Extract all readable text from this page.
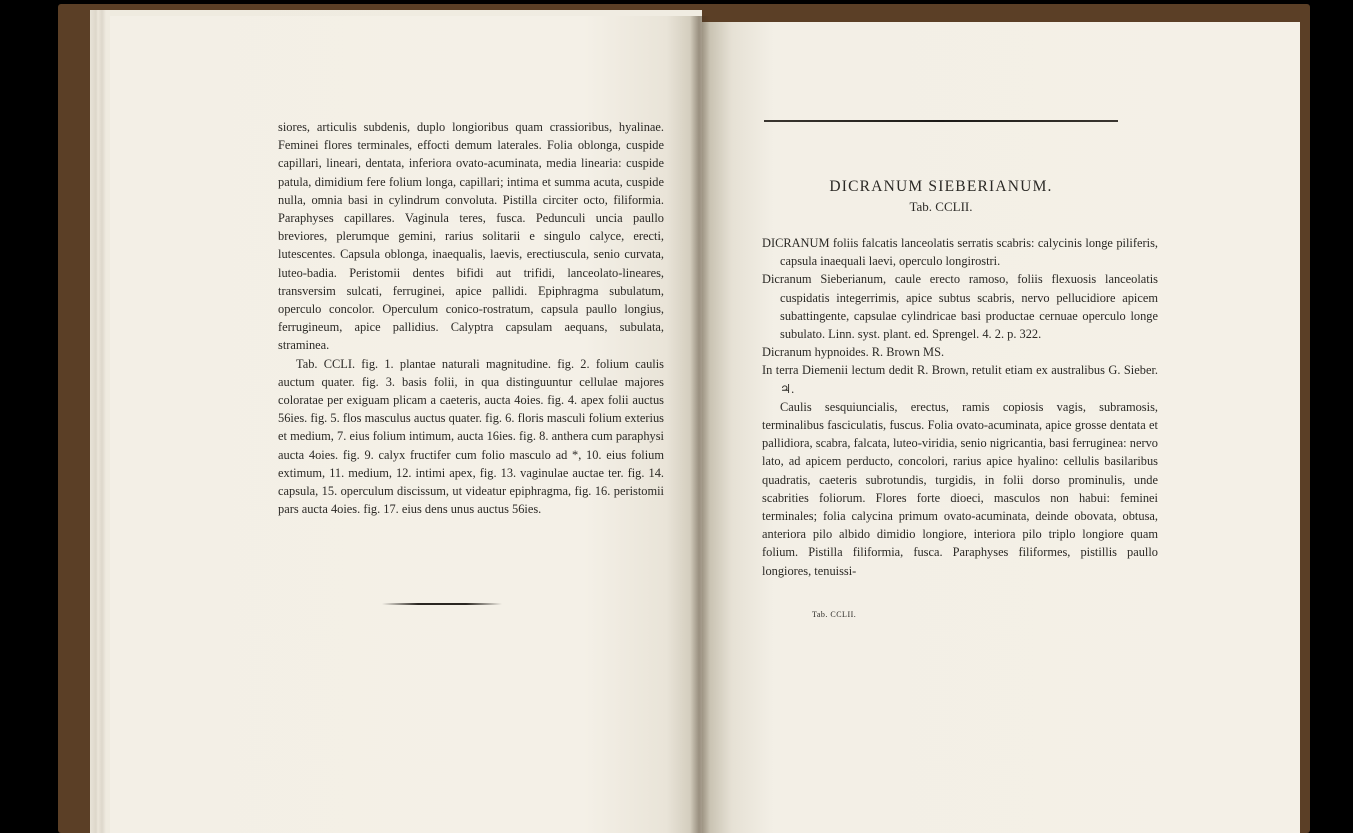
siores, articulis subdenis, duplo longioribus quam crassioribus, hyalinae. Feminei flores terminales, effocti demum laterales. Folia oblonga, cuspide capillari, lineari, dentata, inferiora ovato-acuminata, media linearia: cuspide patula, dimidium fere folium longa, capillari; intima et summa acuta, cuspide nulla, omnia basi in cylindrum convoluta. Pistilla circiter octo, filiformia. Paraphyses capillares. Vaginula teres, fusca. Pedunculi uncia paullo breviores, plerumque gemini, rarius solitarii e singulo calyce, erecti, lutescentes. Capsula oblonga, inaequalis, laevis, erectiuscula, senio curvata, luteo-badia. Peristomii dentes bifidi aut trifidi, lanceolato-lineares, transversim sulcati, ferruginei, apice pallidi. Epiphragma subulatum, operculo concolor. Operculum conico-rostratum, capsula paullo longius, ferrugineum, apice pallidius. Calyptra capsulam aequans, subulata, straminea.

Tab. CCLI. fig. 1. plantae naturali magnitudine. fig. 2. folium caulis auctum quater. fig. 3. basis folii, in qua distinguuntur cellulae majores coloratae per exiguam plicam a caeteris, aucta 4oies. fig. 4. apex folii auctus 56ies. fig. 5. flos masculus auctus quater. fig. 6. floris masculi folium exterius et medium, 7. eius folium intimum, aucta 16ies. fig. 8. anthera cum paraphysi aucta 4oies. fig. 9. calyx fructifer cum folio masculo ad *, 10. eius folium extimum, 11. medium, 12. intimi apex, fig. 13. vaginulae auctae ter. fig. 14. capsula, 15. operculum discissum, ut videatur epiphragma, fig. 16. peristomii pars aucta 4oies. fig. 17. eius dens unus auctus 56ies.

DICRANUM SIEBERIANUM.
Tab. CCLII.

DICRANUM foliis falcatis lanceolatis serratis scabris: calycinis longe piliferis, capsula inaequali laevi, operculo longirostri.

Dicranum Sieberianum, caule erecto ramoso, foliis flexuosis lanceolatis cuspidatis integerrimis, apice subtus scabris, nervo pellucidiore apicem subattingente, capsulae cylindricae basi productae cernuae operculo longe subulato. Linn. syst. plant. ed. Sprengel. 4. 2. p. 322.

Dicranum hypnoides. R. Brown MS.

In terra Diemenii lectum dedit R. Brown, retulit etiam ex australibus G. Sieber. ♃.

Caulis sesquiuncialis, erectus, ramis copiosis vagis, subramosis, terminalibus fasciculatis, fuscus. Folia ovato-acuminata, apice grosse dentata et pallidiora, scabra, falcata, luteo-viridia, senio nigricantia, basi ferruginea: nervo lato, ad apicem perducto, concolori, rarius apice hyalino: cellulis basilaribus quadratis, caeteris subrotundis, turgidis, in folii dorso prominulis, unde scabrities foliorum. Flores forte dioeci, masculos non habui: feminei terminales; folia calycina primum ovato-acuminata, deinde obovata, obtusa, anteriora pilo albido dimidio longiore, interiora pilo triplo longiore quam folium. Pistilla filiformia, fusca. Paraphyses filiformes, pistillis paullo longiores, tenuissi-

Tab. CCLII.
